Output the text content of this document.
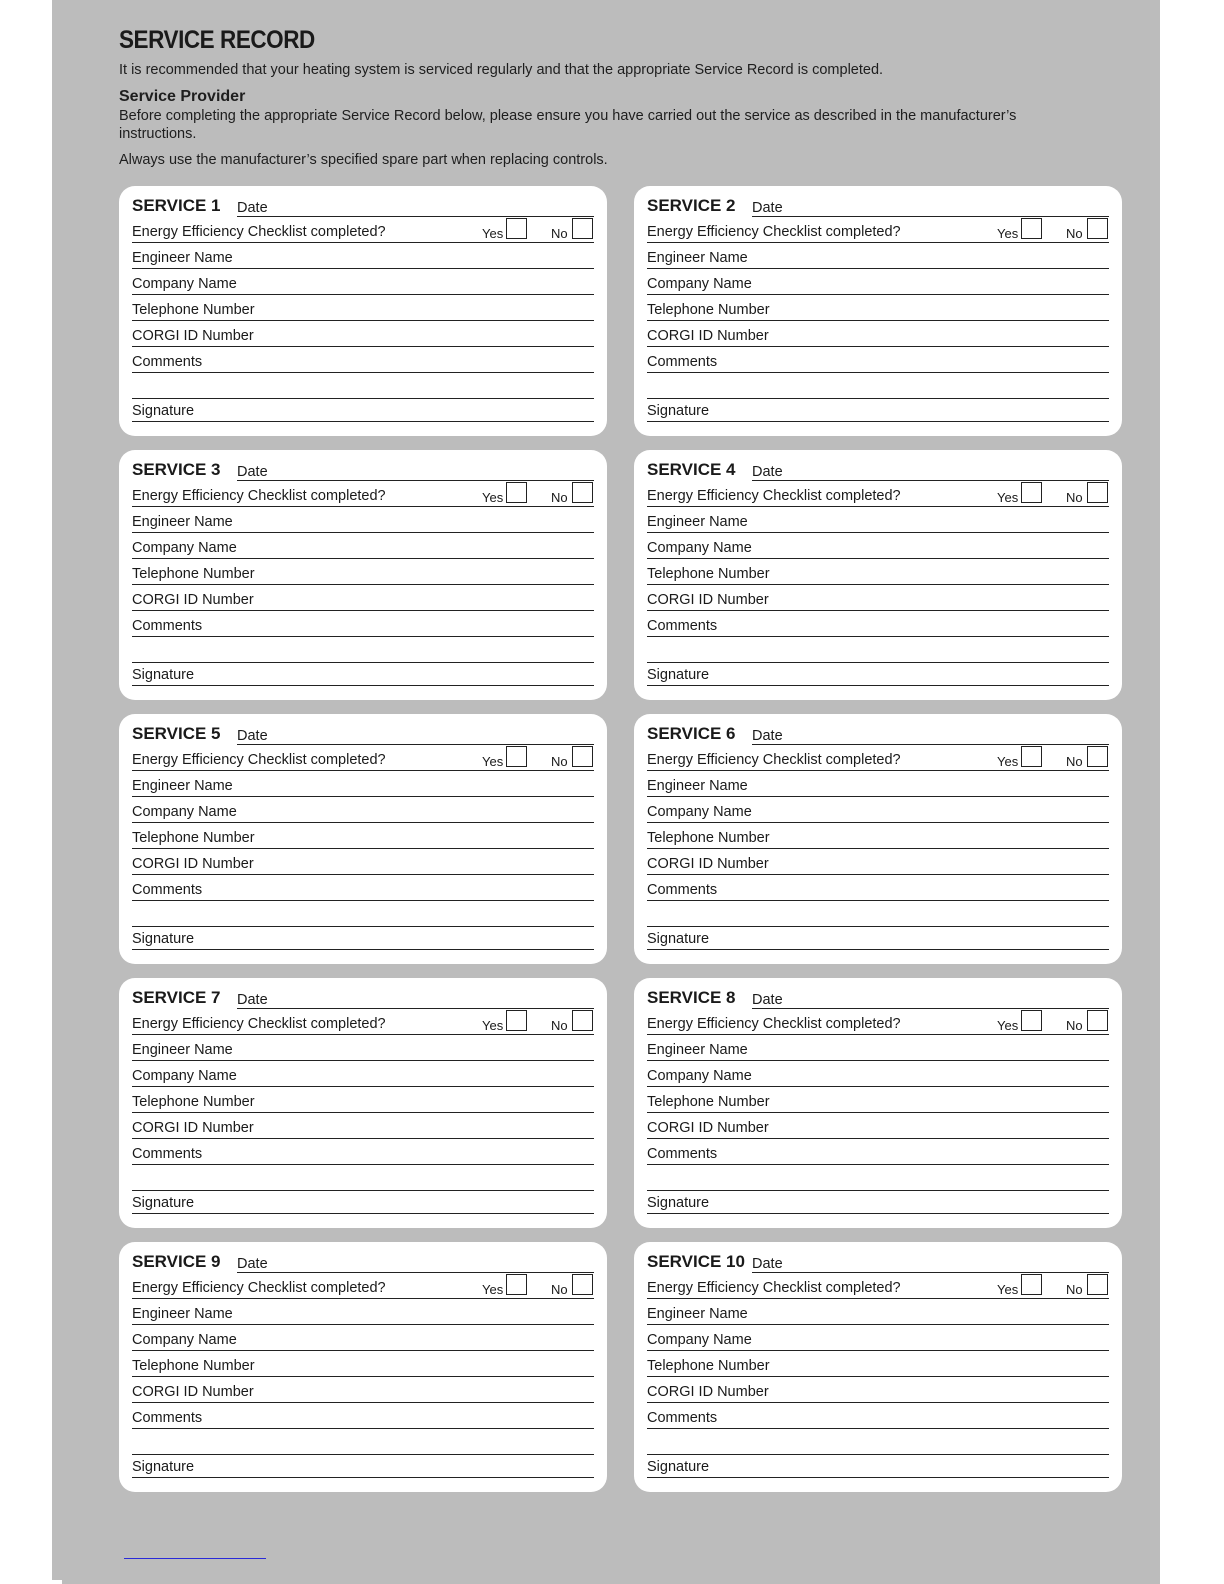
SERVICE RECORD

It is recommended that your heating system is serviced regularly and that the appropriate Service Record is completed.

Service Provider

Before completing the appropriate Service Record below, please ensure you have carried out the service as described in the manufacturer’s instructions.

Always use the manufacturer’s specified spare part when replacing controls.

SERVICE 1 Date
Energy Efficiency Checklist completed?	Yes	No
Engineer Name
Company Name
Telephone Number
CORGI ID Number
Comments
Signature
SERVICE 2 Date
Energy Efficiency Checklist completed?	Yes	No
Engineer Name
Company Name
Telephone Number
CORGI ID Number
Comments
Signature
SERVICE 3 Date
Energy Efficiency Checklist completed?	Yes	No
Engineer Name
Company Name
Telephone Number
CORGI ID Number
Comments
Signature
SERVICE 4 Date
Energy Efficiency Checklist completed?	Yes	No
Engineer Name
Company Name
Telephone Number
CORGI ID Number
Comments
Signature
SERVICE 5 Date
Energy Efficiency Checklist completed?	Yes	No
Engineer Name
Company Name
Telephone Number
CORGI ID Number
Comments
Signature
SERVICE 6 Date
Energy Efficiency Checklist completed?	Yes	No
Engineer Name
Company Name
Telephone Number
CORGI ID Number
Comments
Signature
SERVICE 7 Date
Energy Efficiency Checklist completed?	Yes	No
Engineer Name
Company Name
Telephone Number
CORGI ID Number
Comments
Signature
SERVICE 8 Date
Energy Efficiency Checklist completed?	Yes	No
Engineer Name
Company Name
Telephone Number
CORGI ID Number
Comments
Signature
SERVICE 9 Date
Energy Efficiency Checklist completed?	Yes	No
Engineer Name
Company Name
Telephone Number
CORGI ID Number
Comments
Signature
SERVICE 10 Date
Energy Efficiency Checklist completed?	Yes	No
Engineer Name
Company Name
Telephone Number
CORGI ID Number
Comments
Signature
